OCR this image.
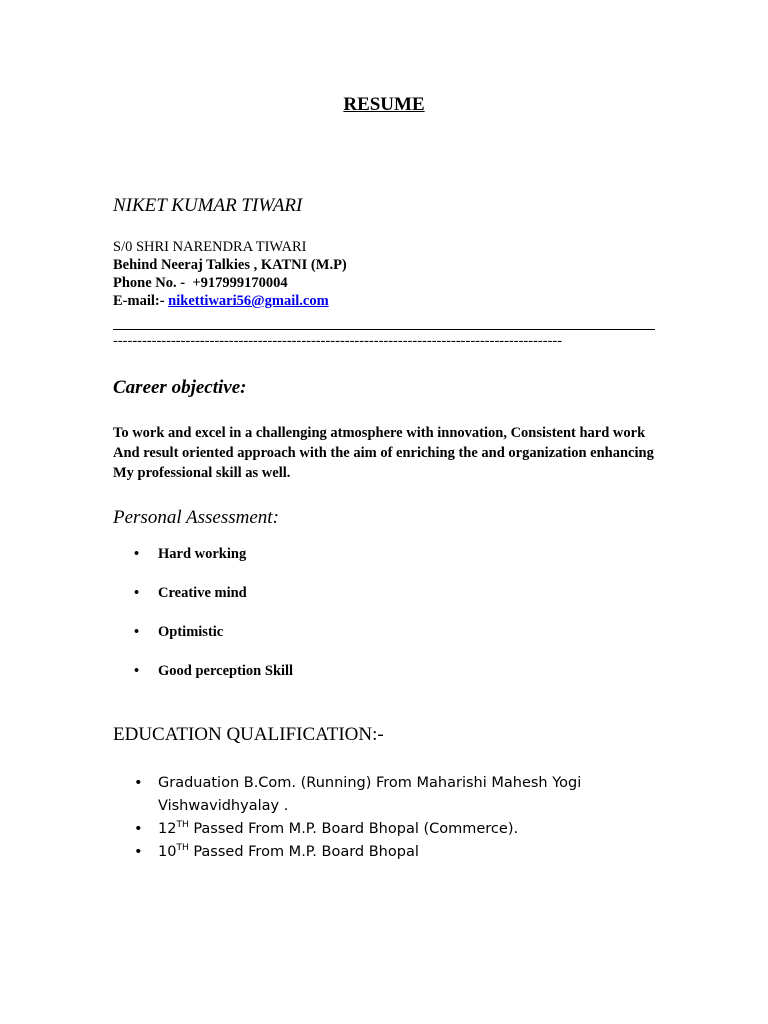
RESUME
NIKET KUMAR TIWARI
S/0 SHRI NARENDRA TIWARI
Behind Neeraj Talkies , KATNI (M.P)
Phone No. - +917999170004
E-mail:- nikettiwari56@gmail.com
---------------------------------------------------------------------------------------------
Career objective:
To work and excel in a challenging atmosphere with innovation, Consistent hard work And result oriented approach with the aim of enriching the and organization enhancing My professional skill as well.
Personal Assessment:
• Hard working
• Creative mind
• Optimistic
• Good perception Skill
EDUCATION QUALIFICATION:-
• Graduation B.Com. (Running) From Maharishi Mahesh Yogi Vishwavidhyalay .
• 12TH Passed From M.P. Board Bhopal (Commerce).
• 10TH Passed From M.P. Board Bhopal
